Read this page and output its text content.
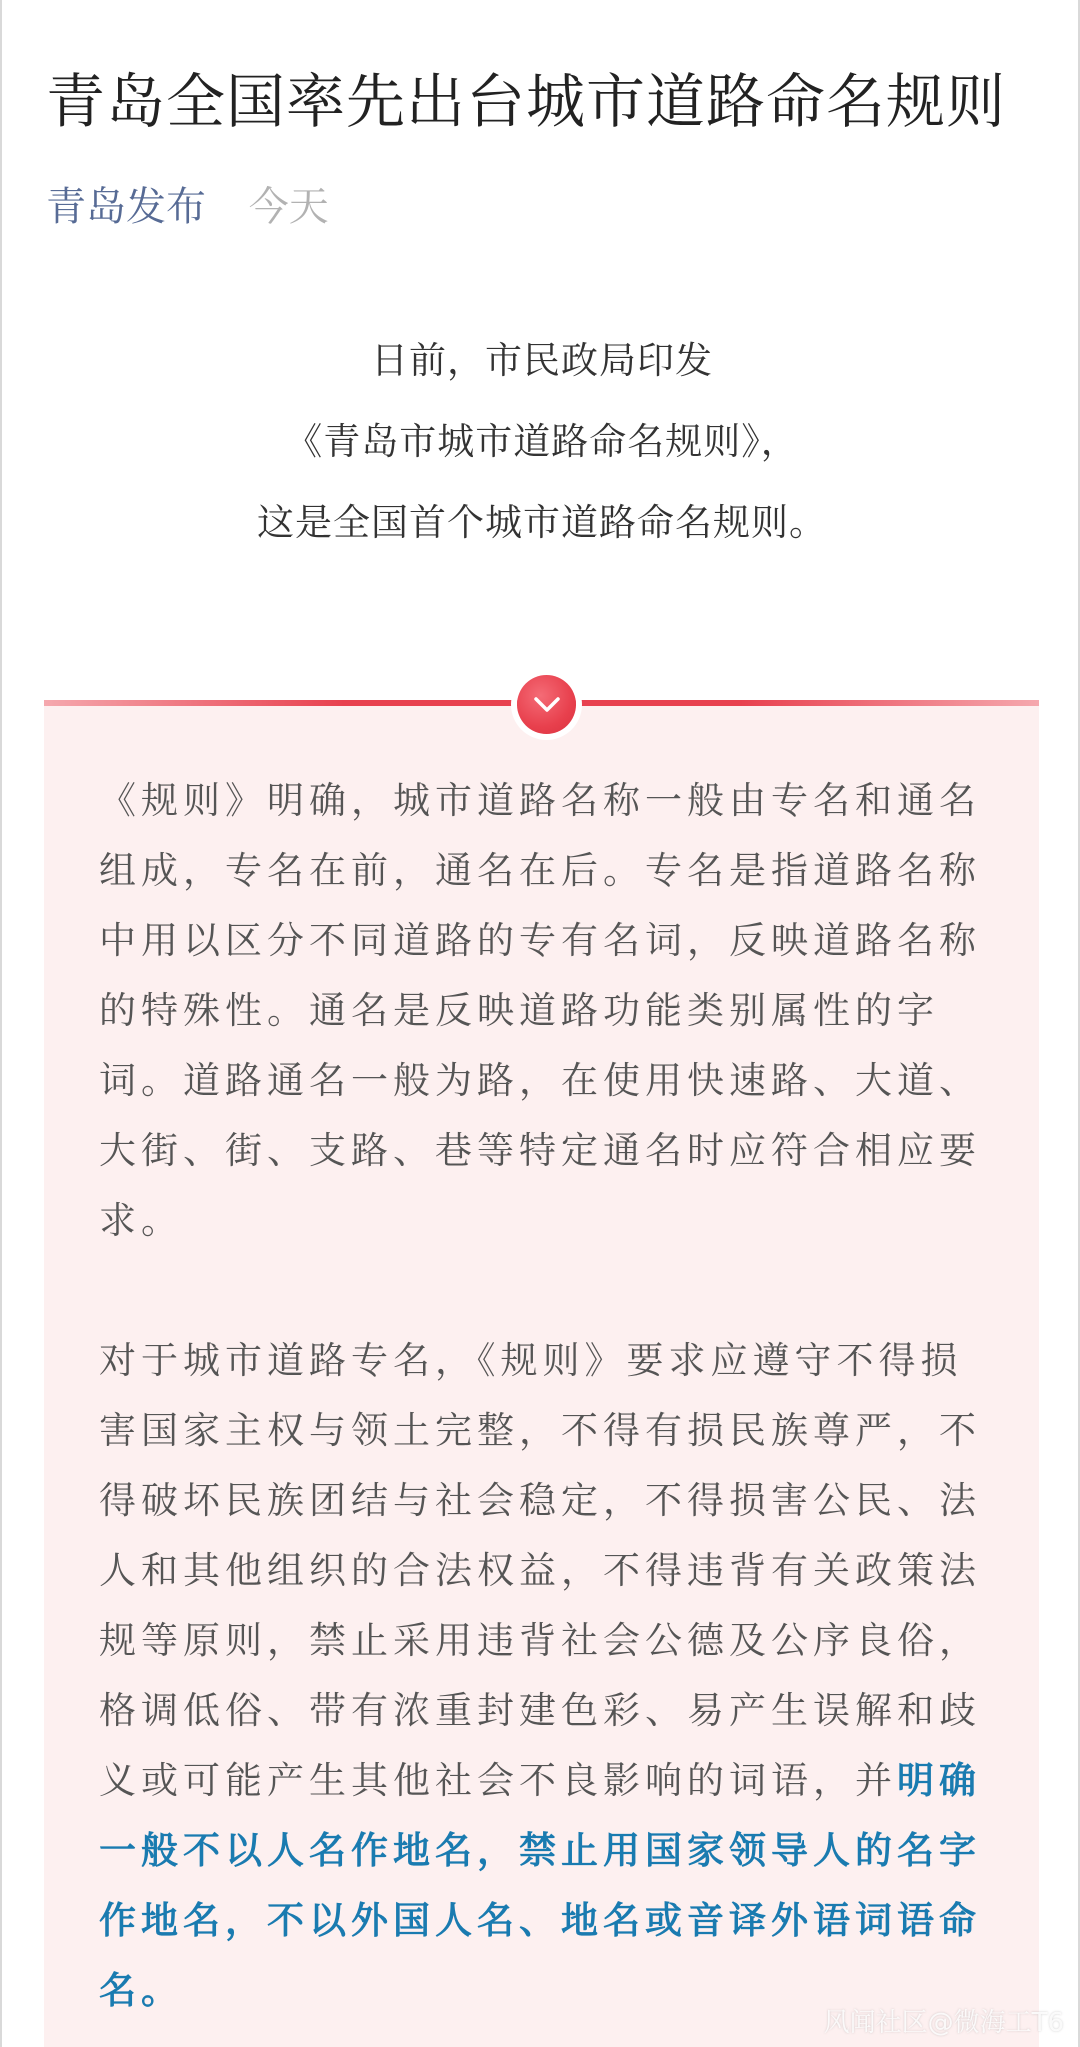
青岛全国率先出台城市道路命名规则
青岛发布 今天
日前，市民政局印发
《青岛市城市道路命名规则》，
这是全国首个城市道路命名规则。

《规则》明确，城市道路名称一般由专名和通名组成，专名在前，通名在后。专名是指道路名称中用以区分不同道路的专有名词，反映道路名称的特殊性。通名是反映道路功能类别属性的字词。道路通名一般为路，在使用快速路、大道、大街、街、支路、巷等特定通名时应符合相应要求。

对于城市道路专名，《规则》要求应遵守不得损害国家主权与领土完整，不得有损民族尊严，不得破坏民族团结与社会稳定，不得损害公民、法人和其他组织的合法权益，不得违背有关政策法规等原则，禁止采用违背社会公德及公序良俗，格调低俗、带有浓重封建色彩、易产生误解和歧义或可能产生其他社会不良影响的词语，并明确一般不以人名作地名，禁止用国家领导人的名字作地名，不以外国人名、地名或音译外语词语命名。

风闻社区@微海工T6
